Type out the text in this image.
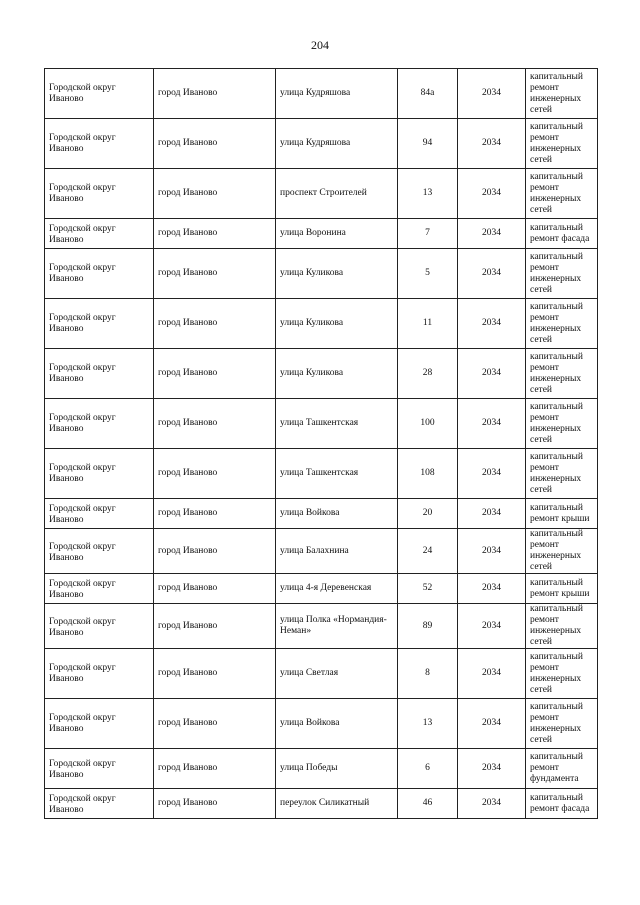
204
Городской округ Иваново	город Иваново	улица Кудряшова	84а	2034	капитальный ремонт инженерных сетей
Городской округ Иваново	город Иваново	улица Кудряшова	94	2034	капитальный ремонт инженерных сетей
Городской округ Иваново	город Иваново	проспект Строителей	13	2034	капитальный ремонт инженерных сетей
Городской округ Иваново	город Иваново	улица Воронина	7	2034	капитальный ремонт фасада
Городской округ Иваново	город Иваново	улица Куликова	5	2034	капитальный ремонт инженерных сетей
Городской округ Иваново	город Иваново	улица Куликова	11	2034	капитальный ремонт инженерных сетей
Городской округ Иваново	город Иваново	улица Куликова	28	2034	капитальный ремонт инженерных сетей
Городской округ Иваново	город Иваново	улица Ташкентская	100	2034	капитальный ремонт инженерных сетей
Городской округ Иваново	город Иваново	улица Ташкентская	108	2034	капитальный ремонт инженерных сетей
Городской округ Иваново	город Иваново	улица Войкова	20	2034	капитальный ремонт крыши
Городской округ Иваново	город Иваново	улица Балахнина	24	2034	капитальный ремонт инженерных сетей
Городской округ Иваново	город Иваново	улица 4-я Деревенская	52	2034	капитальный ремонт крыши
Городской округ Иваново	город Иваново	улица Полка «Нормандия-Неман»	89	2034	капитальный ремонт инженерных сетей
Городской округ Иваново	город Иваново	улица Светлая	8	2034	капитальный ремонт инженерных сетей
Городской округ Иваново	город Иваново	улица Войкова	13	2034	капитальный ремонт инженерных сетей
Городской округ Иваново	город Иваново	улица Победы	6	2034	капитальный ремонт фундамента
Городской округ Иваново	город Иваново	переулок Силикатный	46	2034	капитальный ремонт фасада
